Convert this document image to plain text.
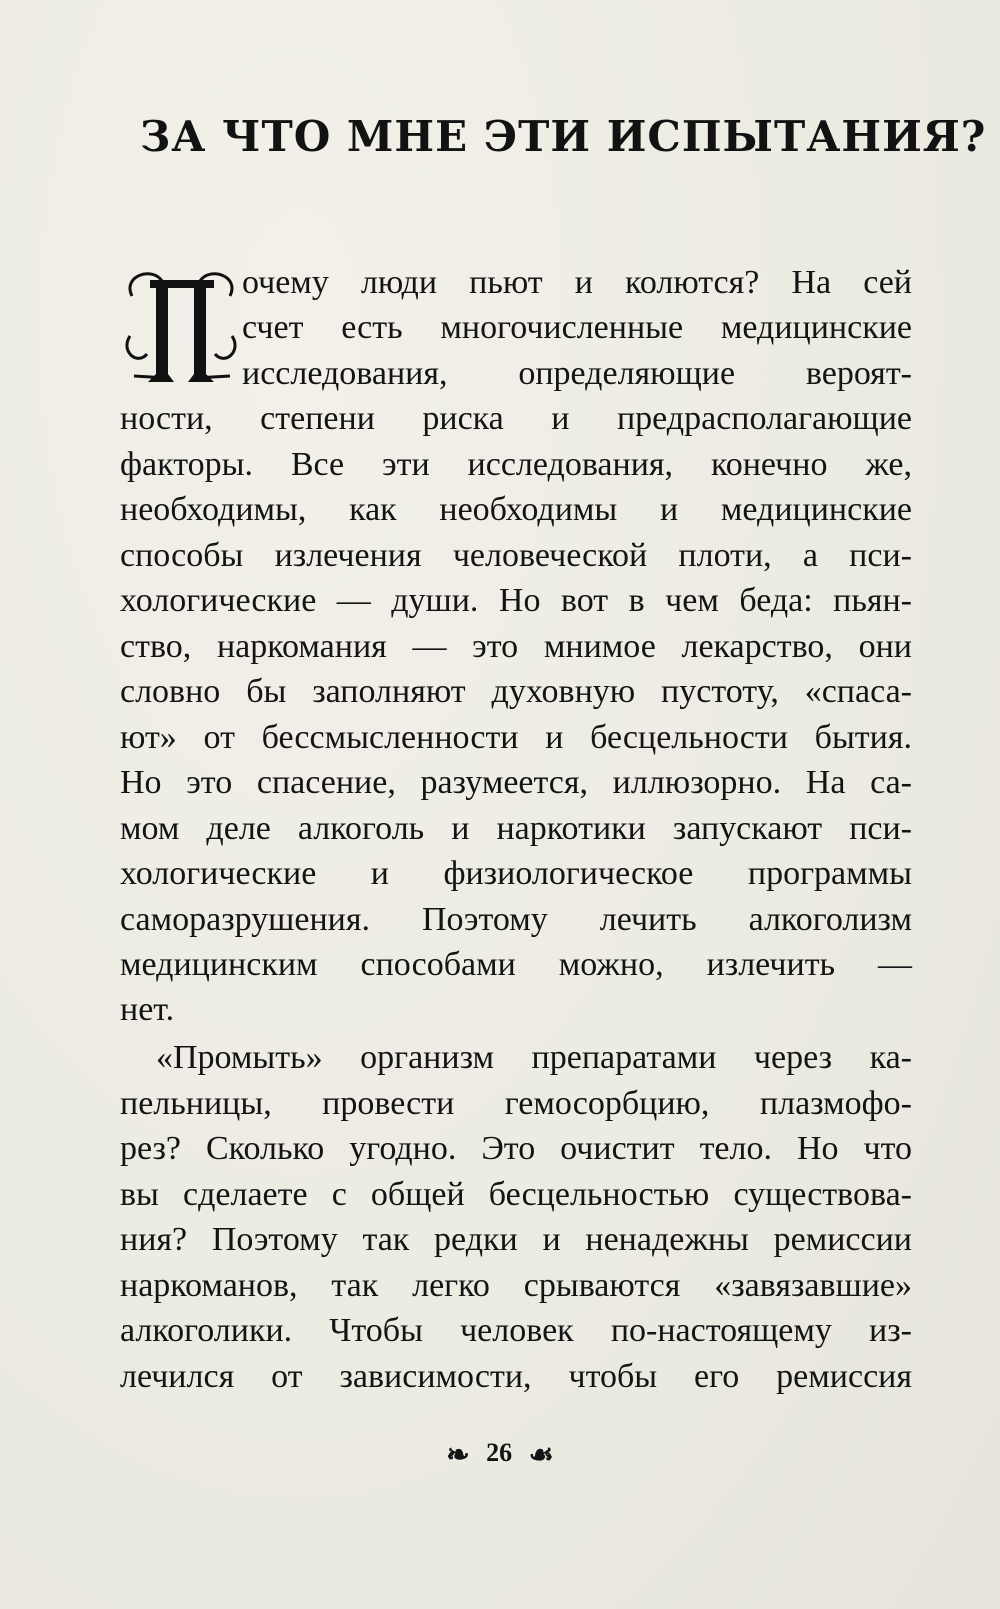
ЗА ЧТО МНЕ ЭТИ ИСПЫТАНИЯ?
П
очему люди пьют и колются? На сей
счет есть многочисленные медицинские
исследования, определяющие вероят-
ности, степени риска и предрасполагающие
факторы. Все эти исследования, конечно же,
необходимы, как необходимы и медицинские
способы излечения человеческой плоти, а пси-
хологические — души. Но вот в чем беда: пьян-
ство, наркомания — это мнимое лекарство, они
словно бы заполняют духовную пустоту, «спаса-
ют» от бессмысленности и бесцельности бытия.
Но это спасение, разумеется, иллюзорно. На са-
мом деле алкоголь и наркотики запускают пси-
хологические и физиологическое программы
саморазрушения. Поэтому лечить алкоголизм
медицинским способами можно, излечить —
нет.
«Промыть» организм препаратами через ка-
пельницы, провести гемосорбцию, плазмофо-
рез? Сколько угодно. Это очистит тело. Но что
вы сделаете с общей бесцельностью существова-
ния? Поэтому так редки и ненадежны ремиссии
наркоманов, так легко срываются «завязавшие»
алкоголики. Чтобы человек по-настоящему из-
лечился от зависимости, чтобы его ремиссия
❧ 26 ☙
